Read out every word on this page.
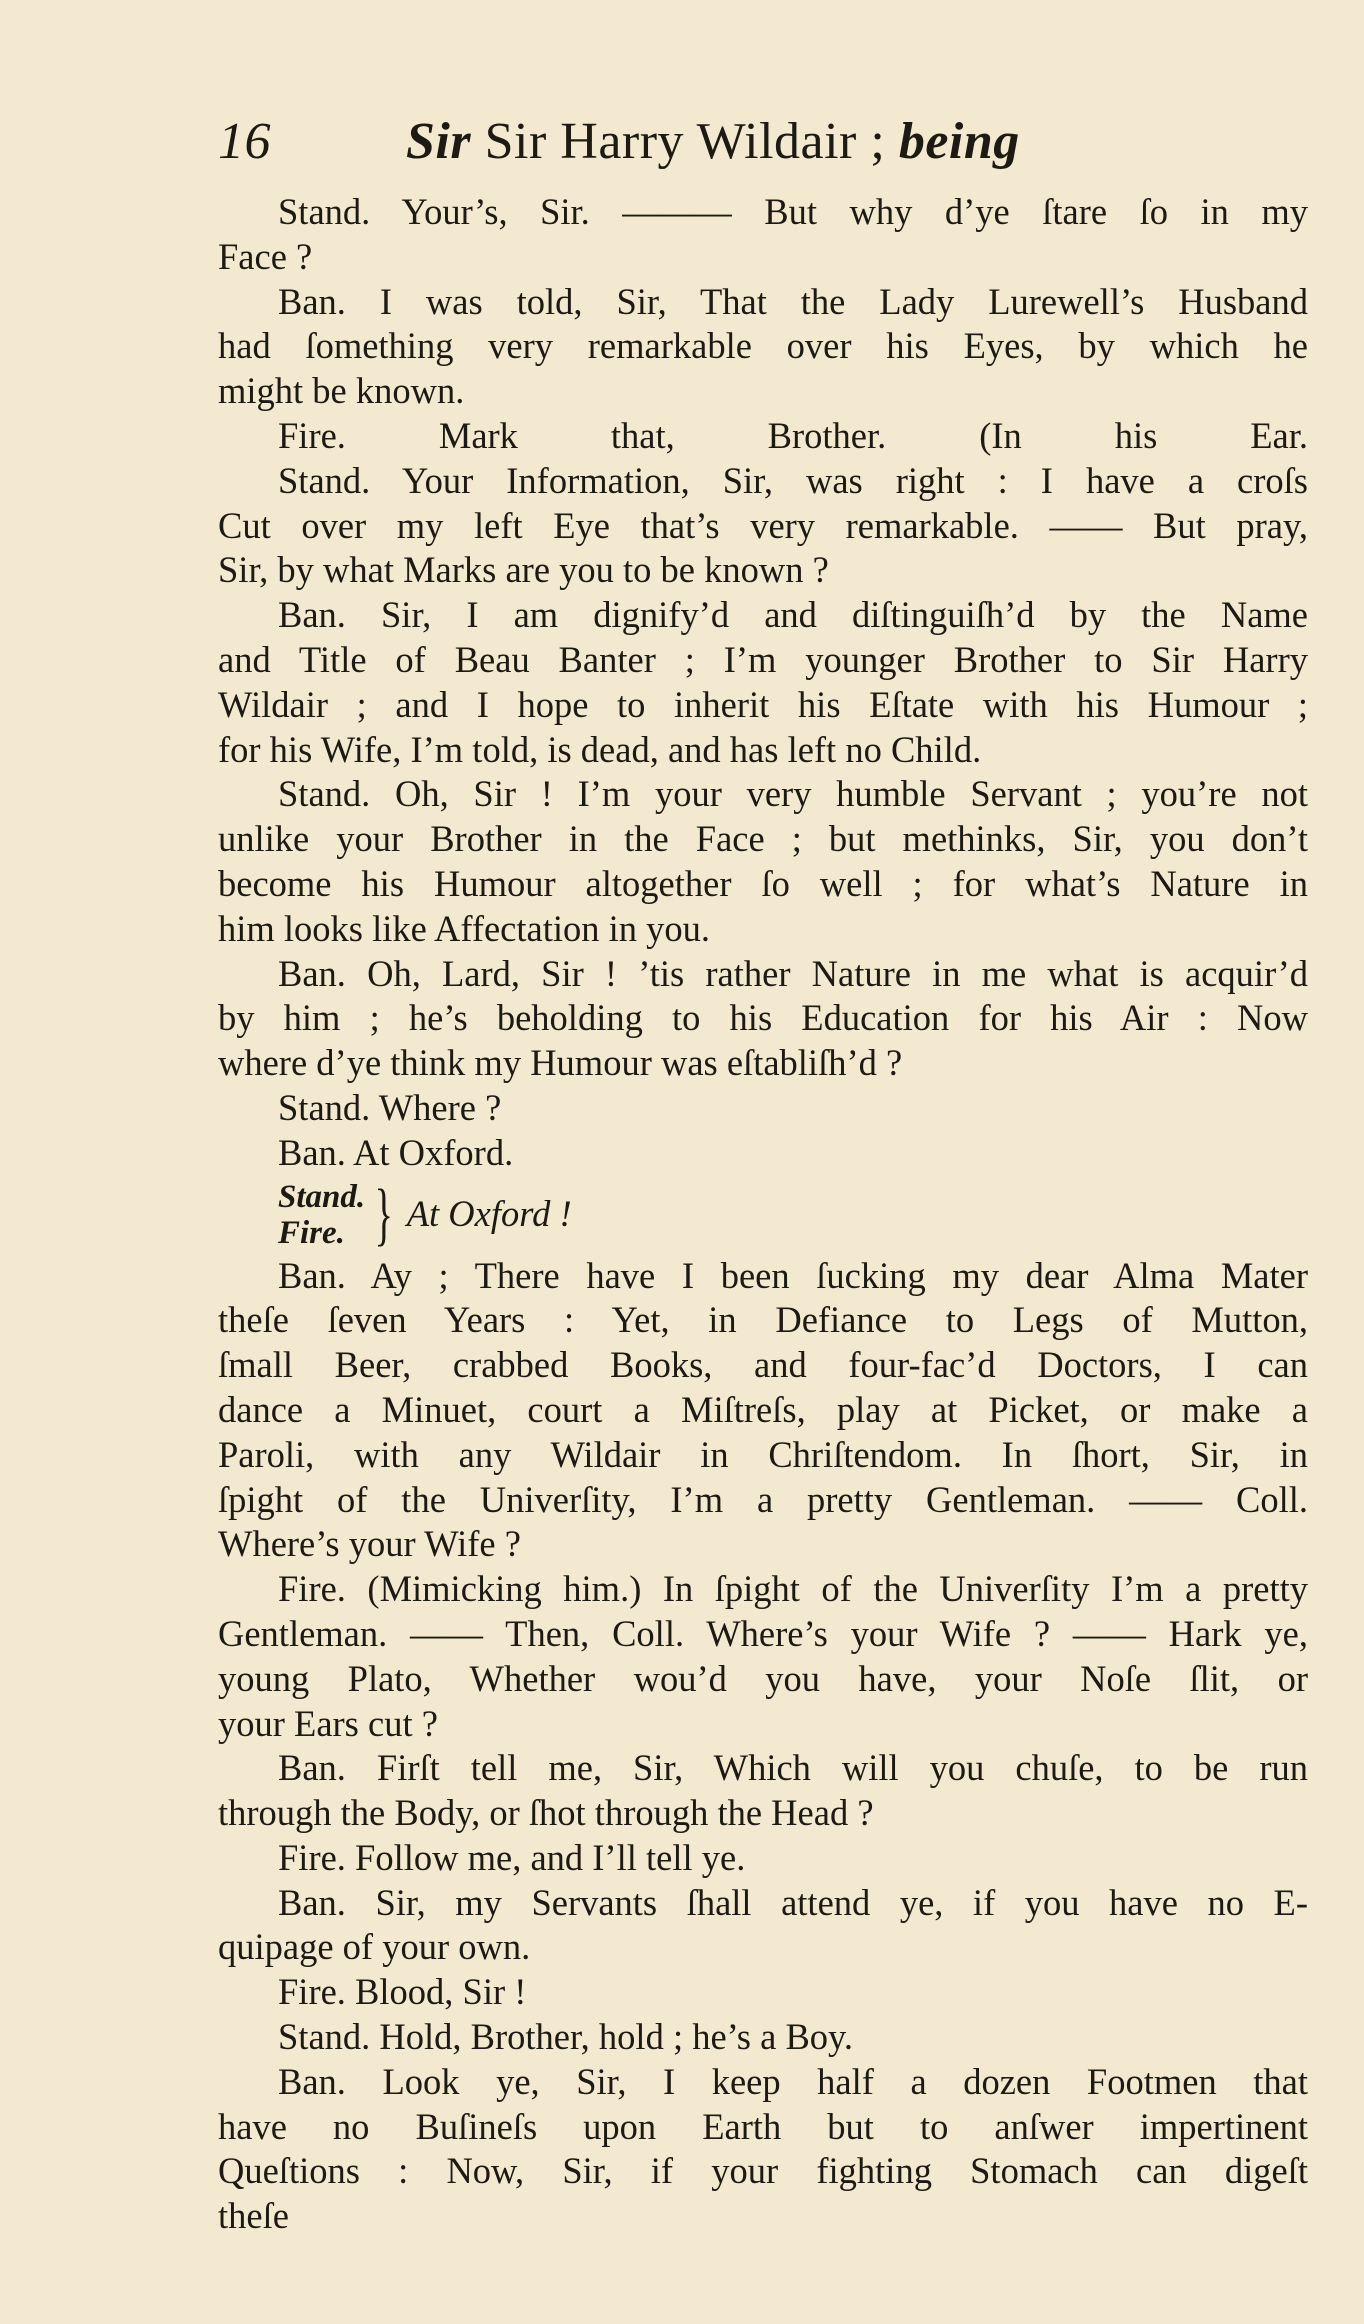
16	Sir Sir Harry Wildair ; being
Stand. Your’s, Sir. ——— But why d’ye ſtare ſo in my
Face ?
Ban. I was told, Sir, That the Lady Lurewell’s Husband
had ſomething very remarkable over his Eyes, by which he
might be known.
Fire. Mark that, Brother. (In his Ear.
Stand. Your Information, Sir, was right : I have a croſs
Cut over my left Eye that’s very remarkable. —— But pray,
Sir, by what Marks are you to be known ?
Ban. Sir, I am dignify’d and diſtinguiſh’d by the Name
and Title of Beau Banter ; I’m younger Brother to Sir Harry
Wildair ; and I hope to inherit his Eſtate with his Humour ;
for his Wife, I’m told, is dead, and has left no Child.
Stand. Oh, Sir ! I’m your very humble Servant ; you’re not
unlike your Brother in the Face ; but methinks, Sir, you don’t
become his Humour altogether ſo well ; for what’s Nature in
him looks like Affectation in you.
Ban. Oh, Lard, Sir ! ’tis rather Nature in me what is acquir’d
by him ; he’s beholding to his Education for his Air : Now
where d’ye think my Humour was eſtabliſh’d ?
Stand. Where ?
Ban. At Oxford.
Stand.
Fire. } At Oxford !
Ban. Ay ; There have I been ſucking my dear Alma Mater
theſe ſeven Years : Yet, in Defiance to Legs of Mutton,
ſmall Beer, crabbed Books, and four-fac’d Doctors, I can
dance a Minuet, court a Miſtreſs, play at Picket, or make a
Paroli, with any Wildair in Chriſtendom. In ſhort, Sir, in
ſpight of the Univerſity, I’m a pretty Gentleman. —— Coll.
Where’s your Wife ?
Fire. (Mimicking him.) In ſpight of the Univerſity I’m a pretty
Gentleman. —— Then, Coll. Where’s your Wife ? —— Hark ye,
young Plato, Whether wou’d you have, your Noſe ſlit, or
your Ears cut ?
Ban. Firſt tell me, Sir, Which will you chuſe, to be run
through the Body, or ſhot through the Head ?
Fire. Follow me, and I’ll tell ye.
Ban. Sir, my Servants ſhall attend ye, if you have no E-
quipage of your own.
Fire. Blood, Sir !
Stand. Hold, Brother, hold ; he’s a Boy.
Ban. Look ye, Sir, I keep half a dozen Footmen that
have no Buſineſs upon Earth but to anſwer impertinent
Queſtions : Now, Sir, if your fighting Stomach can digeſt
theſe
